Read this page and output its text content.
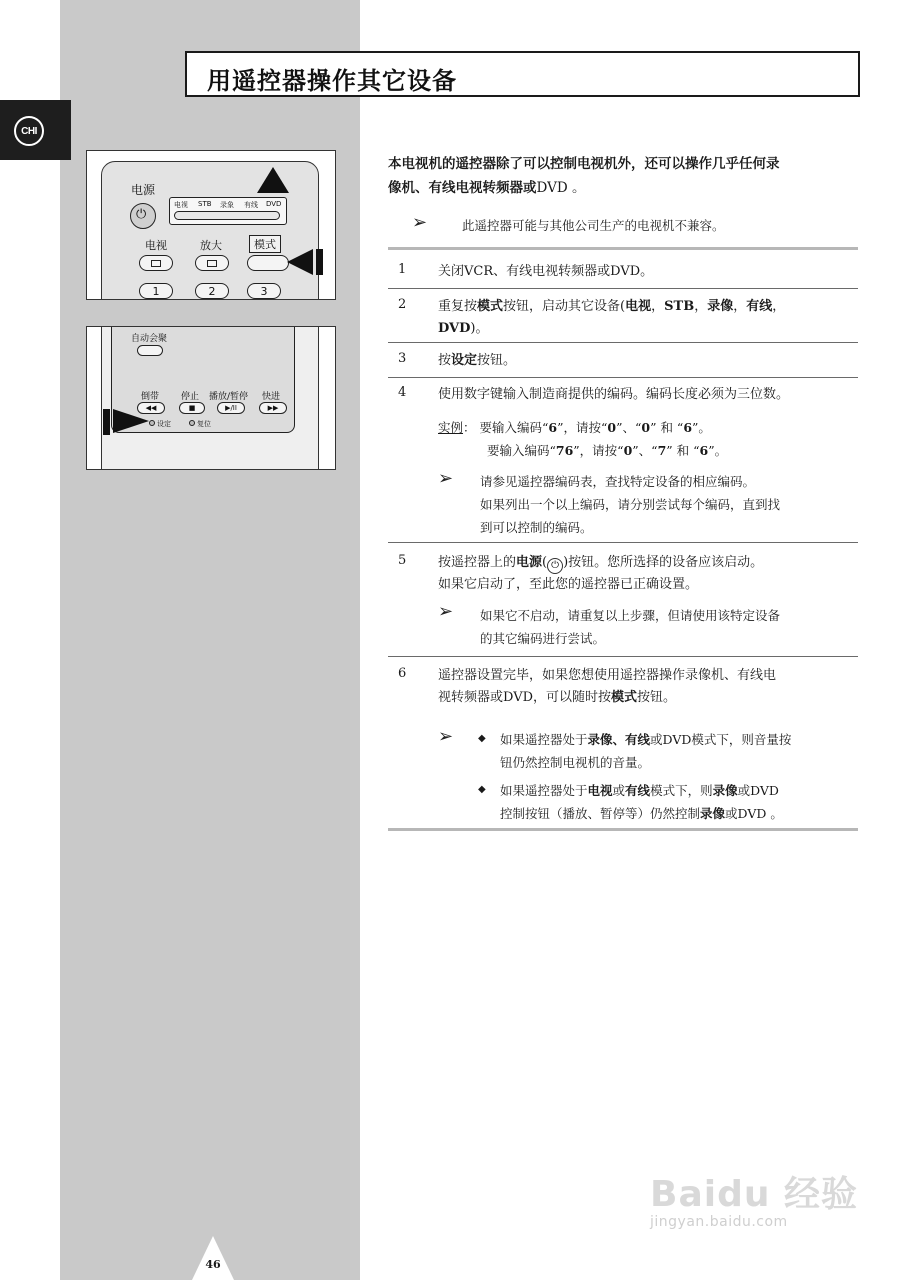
CHI
用遥控器操作其它设备
电源
⏻
电视 STB 录象 有线 DVD
电视	放大	模式
1	2	3
自动会聚
倒带 停止 播放/暂停 快进
◀◀	■	▶/II	▶▶
设定	复位
本电视机的遥控器除了可以控制电视机外，还可以操作几乎任何录
像机、有线电视转频器或DVD 。
➢	此遥控器可能与其他公司生产的电视机不兼容。
1 关闭VCR、有线电视转频器或DVD。
2 重复按模式按钮，启动其它设备(电视，STB，录像，有线，
DVD)。
3 按设定按钮。
4 使用数字键输入制造商提供的编码。编码长度必须为三位数。
实例： 要输入编码“6”，请按“0”、“0” 和 “6”。
要输入编码“76”，请按“0”、“7” 和 “6”。
➢ 请参见遥控器编码表，查找特定设备的相应编码。
如果列出一个以上编码，请分别尝试每个编码，直到找
到可以控制的编码。
5 按遥控器上的电源( ⏻ )按钮。您所选择的设备应该启动。
如果它启动了，至此您的遥控器已正确设置。
➢ 如果它不启动，请重复以上步骤，但请使用该特定设备
的其它编码进行尝试。
6 遥控器设置完毕，如果您想使用遥控器操作录像机、有线电
视转频器或DVD，可以随时按模式按钮。
➢ ◆ 如果遥控器处于录像、有线或DVD模式下，则音量按
钮仍然控制电视机的音量。
◆ 如果遥控器处于电视或有线模式下，则录像或DVD
控制按钮（播放、暂停等）仍然控制录像或DVD 。
46
Baidu 经验
jingyan.baidu.com
